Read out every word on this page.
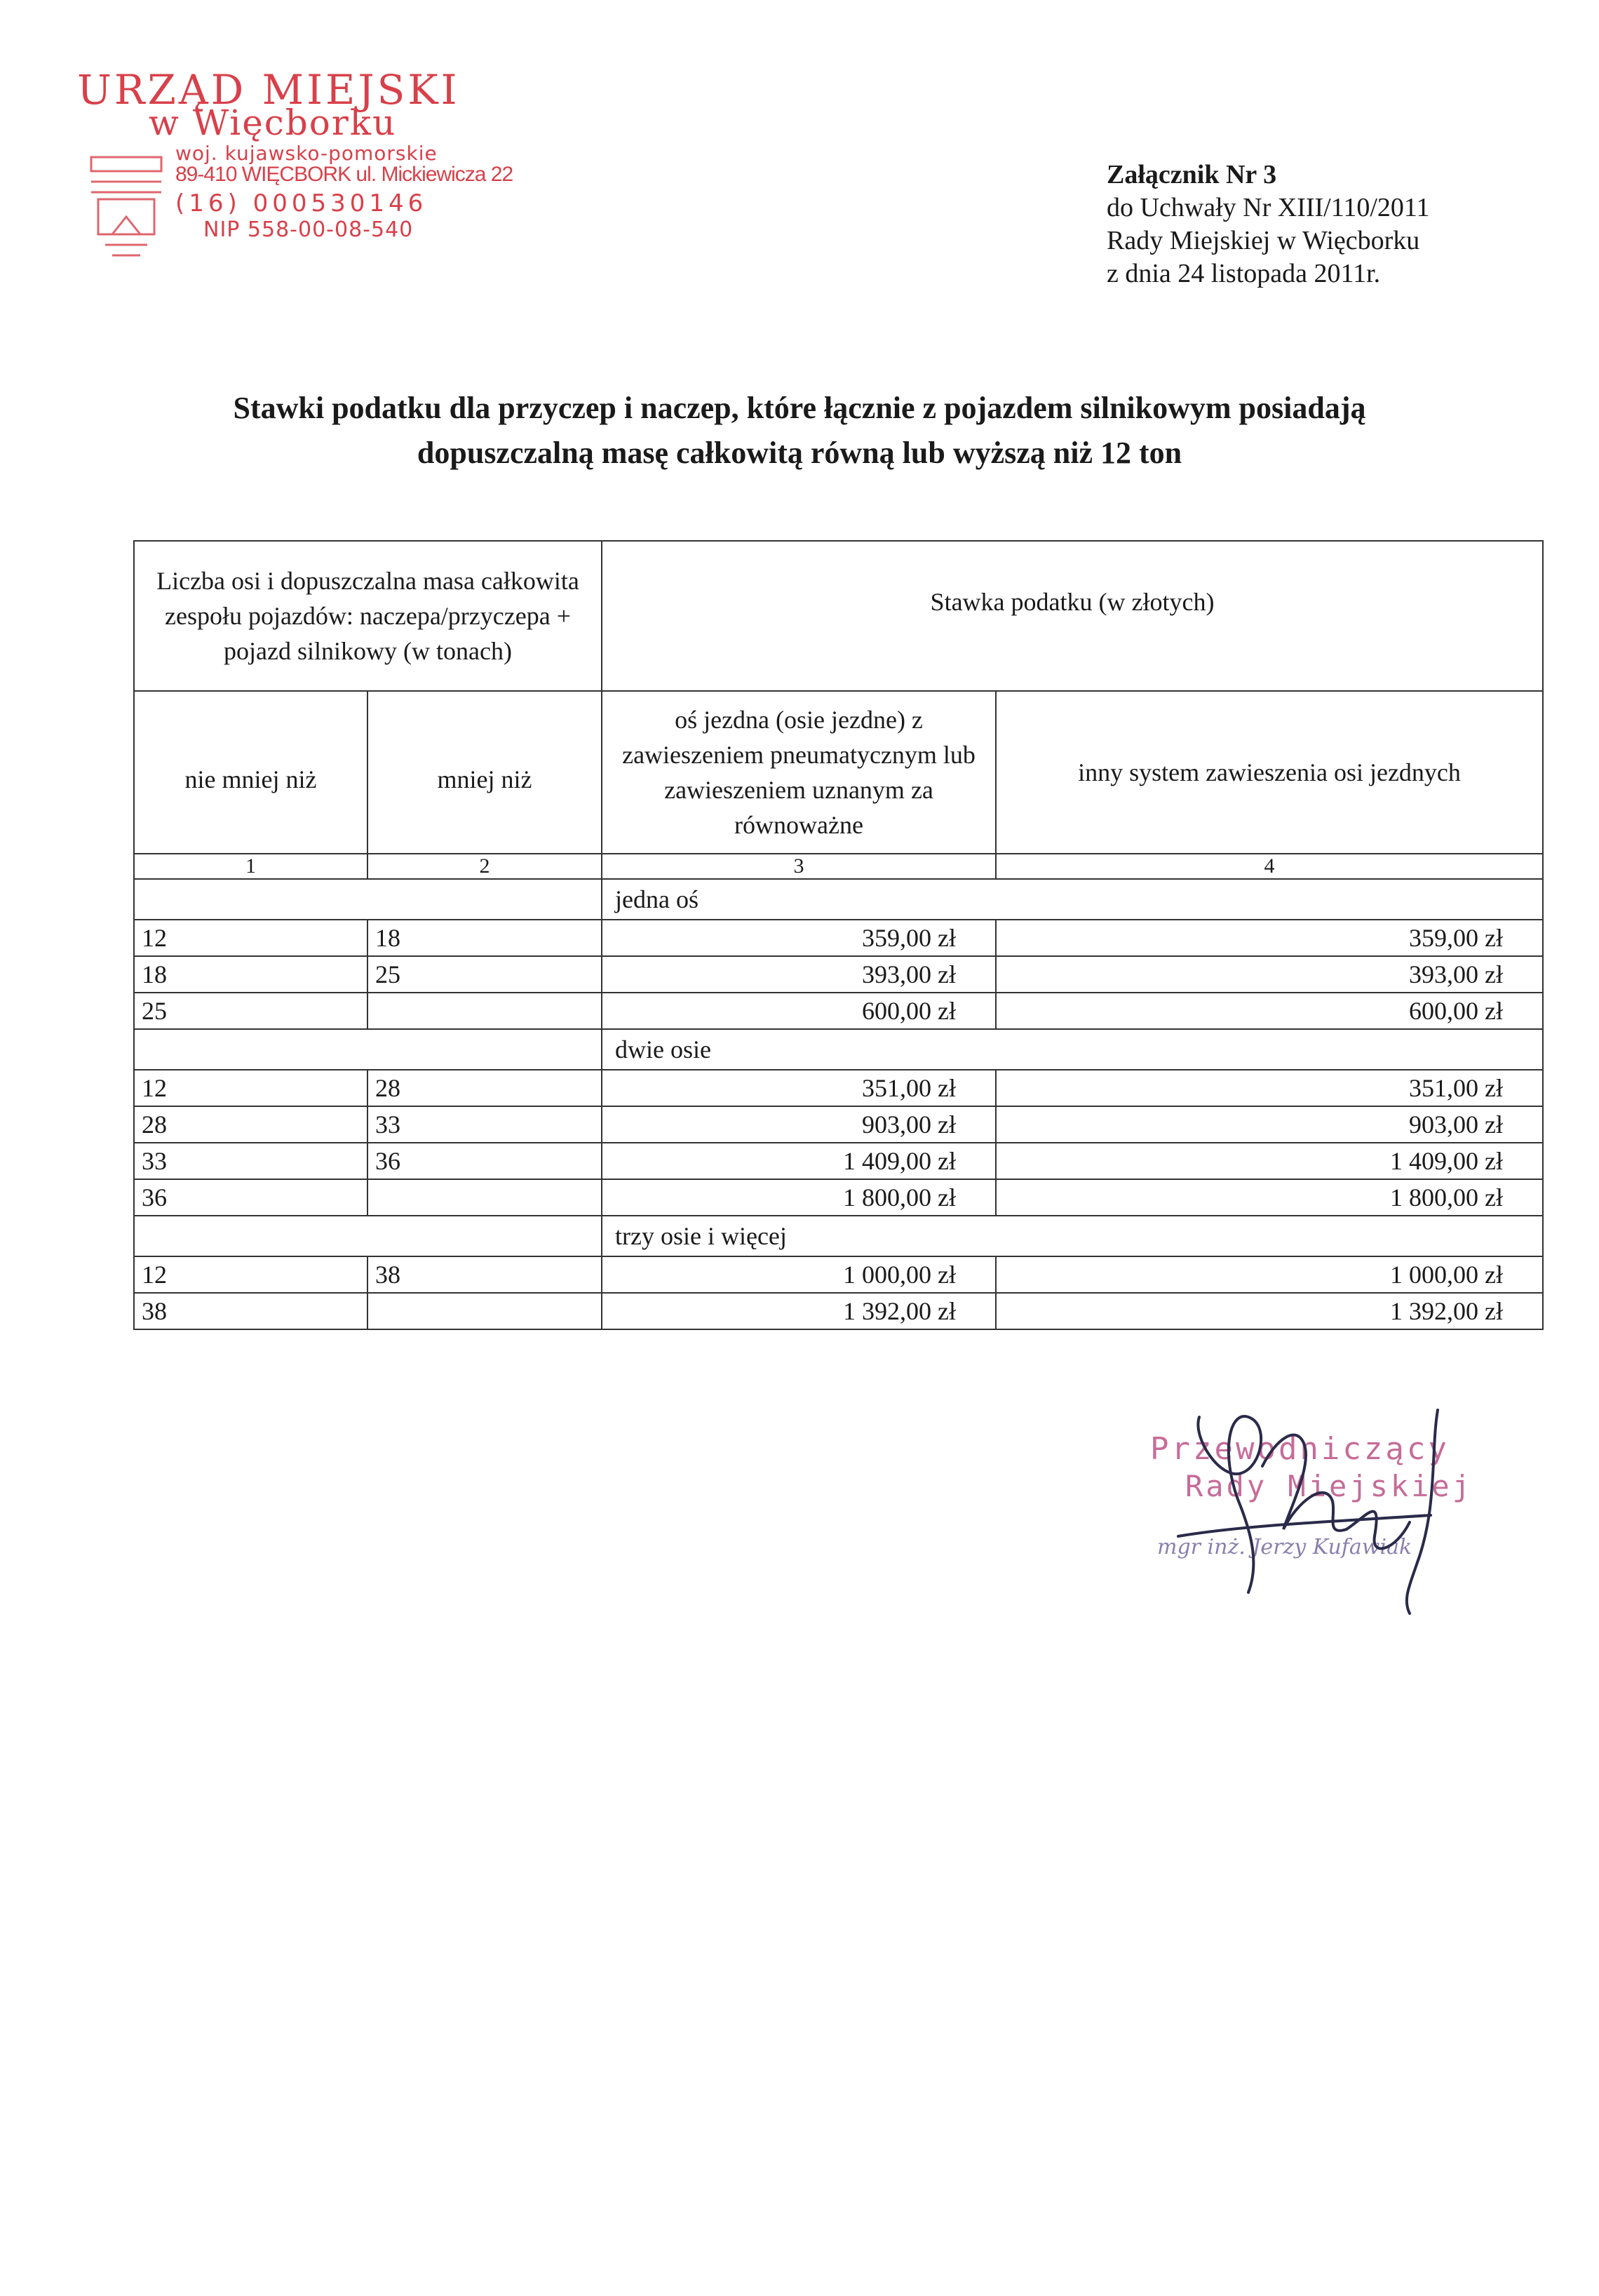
URZĄD MIEJSKI
w Więcborku
woj. kujawsko-pomorskie
89-410 WIĘCBORK ul. Mickiewicza 22
(16) 000530146
NIP 558-00-08-540
Załącznik Nr 3
do Uchwały Nr XIII/110/2011
Rady Miejskiej w Więcborku
z dnia 24 listopada 2011r.
Stawki podatku dla przyczep i naczep, które łącznie z pojazdem silnikowym posiadają
dopuszczalną masę całkowitą równą lub wyższą niż 12 ton
Liczba osi i dopuszczalna masa całkowita zespołu pojazdów: naczepa/przyczepa + pojazd silnikowy (w tonach)		Stawka podatku (w złotych)	
nie mniej niż	mniej niż	oś jezdna (osie jezdne) z zawieszeniem pneumatycznym lub zawieszeniem uznanym za równoważne	inny system zawieszenia osi jezdnych
1	2	3	4
		jedna oś	
12	18	359,00 zł	359,00 zł
18	25	393,00 zł	393,00 zł
25		600,00 zł	600,00 zł
		dwie osie	
12	28	351,00 zł	351,00 zł
28	33	903,00 zł	903,00 zł
33	36	1 409,00 zł	1 409,00 zł
36		1 800,00 zł	1 800,00 zł
		trzy osie i więcej	
12	38	1 000,00 zł	1 000,00 zł
38		1 392,00 zł	1 392,00 zł
Przewodniczący
Rady Miejskiej
mgr inż. Jerzy Kufawiak
